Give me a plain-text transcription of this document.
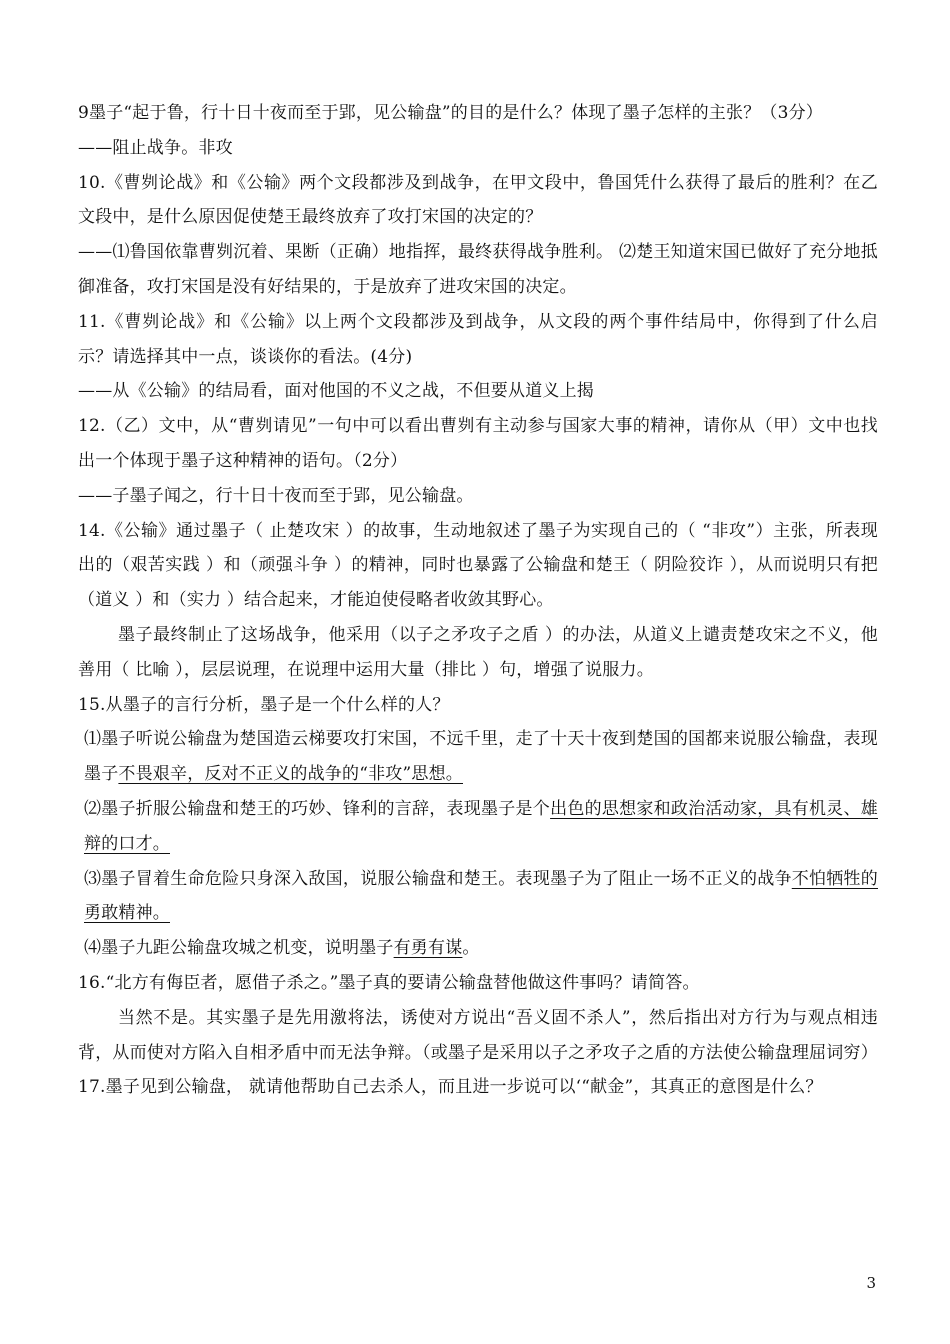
9墨子“起于鲁，行十日十夜而至于郢，见公输盘”的目的是什么？体现了墨子怎样的主张？（3分）

——阻止战争。非攻

10.《曹刿论战》和《公输》两个文段都涉及到战争，在甲文段中，鲁国凭什么获得了最后的胜利？在乙文段中，是什么原因促使楚王最终放弃了攻打宋国的决定的？

——⑴鲁国依靠曹刿沉着、果断（正确）地指挥，最终获得战争胜利。 ⑵楚王知道宋国已做好了充分地抵御准备，攻打宋国是没有好结果的，于是放弃了进攻宋国的决定。

11.《曹刿论战》和《公输》以上两个文段都涉及到战争，从文段的两个事件结局中，你得到了什么启示？请选择其中一点，谈谈你的看法。(4分)

——从《公输》的结局看，面对他国的不义之战，不但要从道义上揭

12.（乙）文中，从“曹刿请见”一句中可以看出曹刿有主动参与国家大事的精神，请你从（甲）文中也找出一个体现于墨子这种精神的语句。（2分）

——子墨子闻之，行十日十夜而至于郢，见公输盘。

14.《公输》通过墨子（ 止楚攻宋 ）的故事，生动地叙述了墨子为实现自己的（ “非攻”）主张，所表现出的（艰苦实践 ）和（顽强斗争 ）的精神，同时也暴露了公输盘和楚王（ 阴险狡诈 ），从而说明只有把（道义 ）和（实力 ）结合起来，才能迫使侵略者收敛其野心。

墨子最终制止了这场战争，他采用（以子之矛攻子之盾 ）的办法，从道义上谴责楚攻宋之不义，他善用（ 比喻 ），层层说理，在说理中运用大量（排比 ）句，增强了说服力。

15.从墨子的言行分析，墨子是一个什么样的人？

⑴墨子听说公输盘为楚国造云梯要攻打宋国，不远千里，走了十天十夜到楚国的国都来说服公输盘，表现墨子不畏艰辛，反对不正义的战争的“非攻”思想。

⑵墨子折服公输盘和楚王的巧妙、锋利的言辞，表现墨子是个出色的思想家和政治活动家，具有机灵、雄辩的口才。

⑶墨子冒着生命危险只身深入敌国，说服公输盘和楚王。表现墨子为了阻止一场不正义的战争不怕牺牲的勇敢精神。

⑷墨子九距公输盘攻城之机变，说明墨子有勇有谋。

16.“北方有侮臣者，愿借子杀之。”墨子真的要请公输盘替他做这件事吗？请简答。

当然不是。其实墨子是先用激将法，诱使对方说出“吾义固不杀人”，然后指出对方行为与观点相违背，从而使对方陷入自相矛盾中而无法争辩。（或墨子是采用以子之矛攻子之盾的方法使公输盘理屈词穷）

17.墨子见到公输盘， 就请他帮助自己去杀人，而且进一步说可以‘“献金”，其真正的意图是什么？

3
